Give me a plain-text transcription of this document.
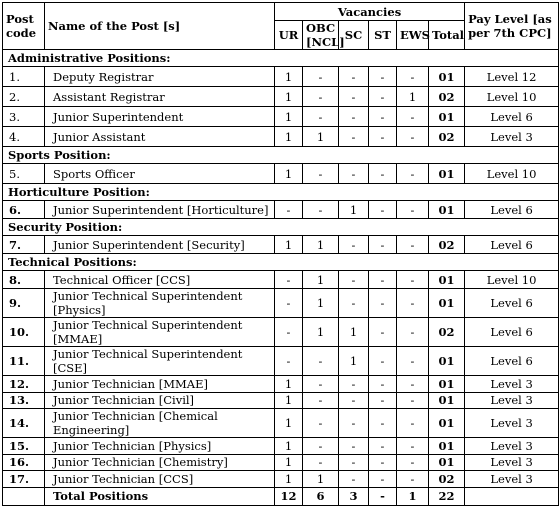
Post code	Name of the Post [s]	Vacancies						Pay Level [as per 7th CPC]
		UR	OBC [NCL]	SC	ST	EWS	Total	
Administrative Positions:								
1.	Deputy Registrar	1	-	-	-	-	01	Level 12
2.	Assistant Registrar	1	-	-	-	1	02	Level 10
3.	Junior Superintendent	1	-	-	-	-	01	Level 6
4.	Junior Assistant	1	1	-	-	-	02	Level 3
Sports Position:								
5.	Sports Officer	1	-	-	-	-	01	Level 10
Horticulture Position:								
6.	Junior Superintendent [Horticulture]	-	-	1	-	-	01	Level 6
Security Position:								
7.	Junior Superintendent [Security]	1	1	-	-	-	02	Level 6
Technical Positions:								
8.	Technical Officer [CCS]	-	1	-	-	-	01	Level 10
9.	Junior Technical Superintendent [Physics]	-	1	-	-	-	01	Level 6
10.	Junior Technical Superintendent [MMAE]	-	1	1	-	-	02	Level 6
11.	Junior Technical Superintendent [CSE]	-	-	1	-	-	01	Level 6
12.	Junior Technician [MMAE]	1	-	-	-	-	01	Level 3
13.	Junior Technician [Civil]	1	-	-	-	-	01	Level 3
14.	Junior Technician [Chemical Engineering]	1	-	-	-	-	01	Level 3
15.	Junior Technician [Physics]	1	-	-	-	-	01	Level 3
16.	Junior Technician [Chemistry]	1	-	-	-	-	01	Level 3
17.	Junior Technician [CCS]	1	1	-	-	-	02	Level 3
	Total Positions	12	6	3	-	1	22	
